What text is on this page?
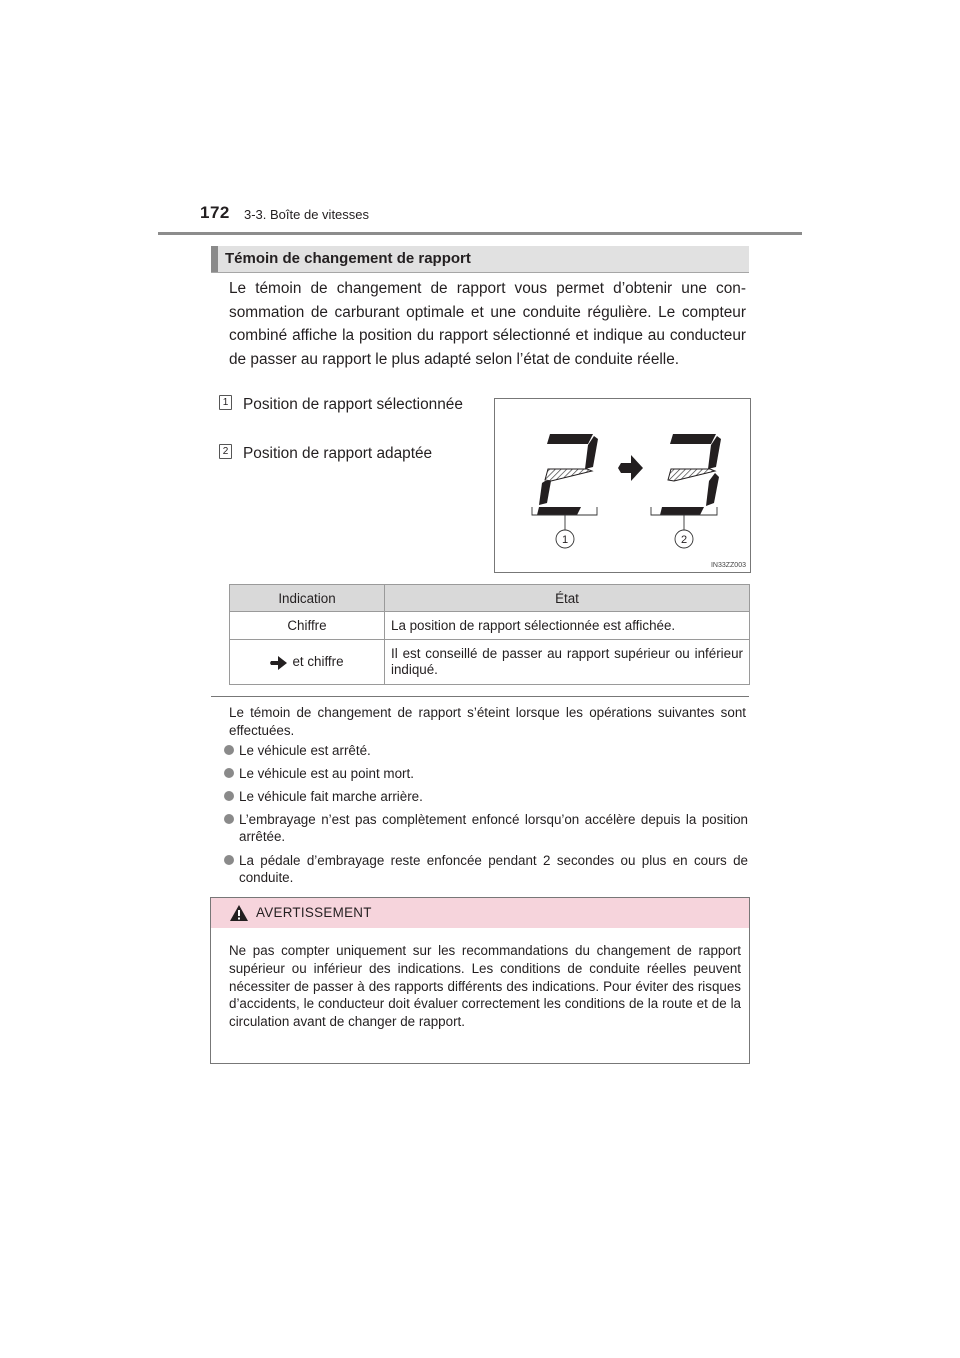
172 3-3. Boîte de vitesses
Témoin de changement de rapport

Le témoin de changement de rapport vous permet d’obtenir une consommation de carburant optimale et une conduite régulière. Le compteur combiné affiche la position du rapport sélectionné et indique au conducteur de passer au rapport le plus adapté selon l’état de conduite réelle.

1 Position de rapport sélectionnée

2 Position de rapport adaptée

1	2
IN33ZZ003
Indication	État
Chiffre	La position de rapport sélectionnée est affichée.
et chiffre	Il est conseillé de passer au rapport supérieur ou inférieur indiqué.

Le témoin de changement de rapport s’éteint lorsque les opérations suivantes sont effectuées.

Le véhicule est arrêté.
Le véhicule est au point mort.
Le véhicule fait marche arrière.
L’embrayage n’est pas complètement enfoncé lorsqu’on accélère depuis la position arrêtée.
La pédale d’embrayage reste enfoncée pendant 2 secondes ou plus en cours de conduite.
AVERTISSEMENT

Ne pas compter uniquement sur les recommandations du changement de rapport supérieur ou inférieur des indications. Les conditions de conduite réelles peuvent nécessiter de passer à des rapports différents des indications. Pour éviter des risques d’accidents, le conducteur doit évaluer correctement les conditions de la route et de la circulation avant de changer de rapport.
